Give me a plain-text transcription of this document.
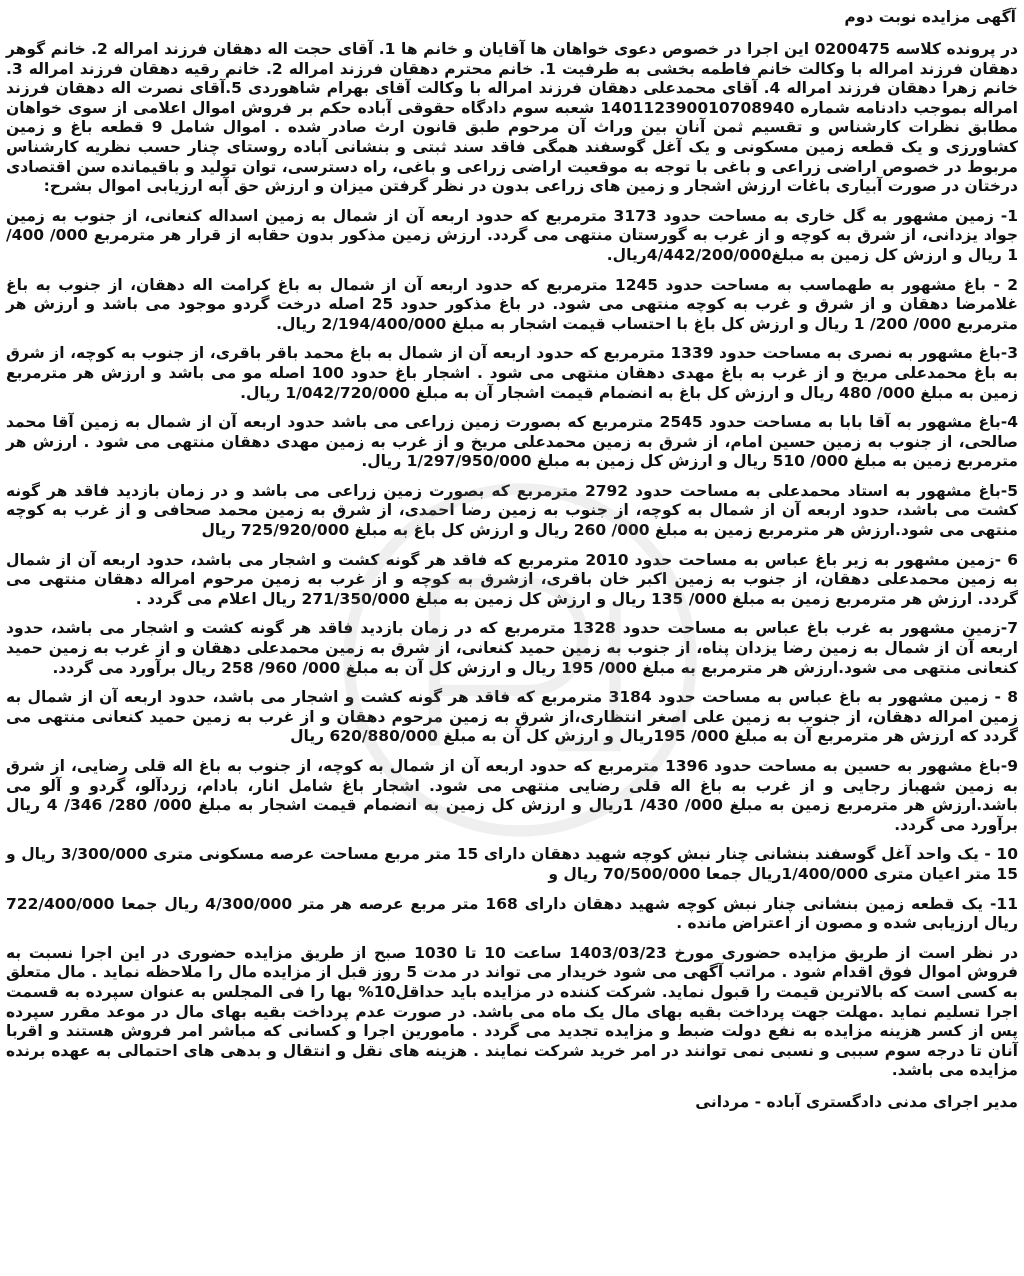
آگهی مزایده نوبت دوم
در پرونده کلاسه 0200475 این اجرا در خصوص دعوی خواهان ها آقایان و خانم ها 1. آقای حجت اله دهقان فرزند امراله 2. خانم گوهر دهقان فرزند امراله با وکالت خانم فاطمه بخشی به طرفیت 1. خانم محترم دهقان فرزند امراله 2. خانم رقیه دهقان فرزند امراله 3. خانم زهرا دهقان فرزند امراله 4. آقای محمدعلی دهقان فرزند امراله با وکالت آقای بهرام شاهوردی 5.آقای نصرت اله دهقان فرزند امراله بموجب دادنامه شماره 140112390010708940 شعبه سوم دادگاه حقوقی آباده حکم بر فروش اموال اعلامی از سوی خواهان مطابق نظرات کارشناس و تقسیم ثمن آنان بین وراث آن مرحوم طبق قانون ارث صادر شده . اموال شامل 9 قطعه باغ و زمین کشاورزی و یک قطعه زمین مسکونی و یک آغل گوسفند همگی فاقد سند ثبتی و بنشانی آباده روستای چنار حسب نظریه کارشناس مربوط در خصوص اراضی زراعی و باغی با توجه به موقعیت اراضی زراعی و باغی، راه دسترسی، توان تولید و باقیمانده سن اقتصادی درختان در صورت آبیاری باغات ارزش اشجار و زمین های زراعی بدون در نظر گرفتن میزان و ارزش حق آبه ارزیابی اموال بشرح:
1- زمین مشهور به گل خاری به مساحت حدود 3173 مترمربع که حدود اربعه آن از شمال به زمین اسداله کنعانی، از جنوب به زمین جواد یزدانی، از شرق به کوچه و از غرب به گورستان منتهی می گردد. ارزش زمین مذکور بدون حقابه از قرار هر مترمربع 000/ 400/ 1 ریال و ارزش کل زمین به مبلغ4/442/200/000ریال.
2 - باغ مشهور به طهماسب به مساحت حدود 1245 مترمربع که حدود اربعه آن از شمال به باغ کرامت اله دهقان، از جنوب به باغ غلامرضا دهقان و از شرق و غرب به کوچه منتهی می شود. در باغ مذکور حدود 25 اصله درخت گردو موجود می باشد و ارزش هر مترمربع 000/ 200/ 1 ریال و ارزش کل باغ با احتساب قیمت اشجار به مبلغ 2/194/400/000 ریال.
3-باغ مشهور به نصری به مساحت حدود 1339 مترمربع که حدود اربعه آن از شمال به باغ محمد باقر باقری، از جنوب به کوچه، از شرق به باغ محمدعلی مریخ و از غرب به باغ مهدی دهقان منتهی می شود . اشجار باغ حدود 100 اصله مو می باشد و ارزش هر مترمربع زمین به مبلغ 000/ 480 ریال و ارزش کل باغ به انضمام قیمت اشجار آن به مبلغ 1/042/720/000 ریال.
4-باغ مشهور به آقا بابا به مساحت حدود 2545 مترمربع که بصورت زمین زراعی می باشد حدود اربعه آن از شمال به زمین آقا محمد صالحی، از جنوب به زمین حسین امام، از شرق به زمین محمدعلی مریخ و از غرب به زمین مهدی دهقان منتهی می شود . ارزش هر مترمربع زمین به مبلغ 000/ 510 ریال و ارزش کل زمین به مبلغ 1/297/950/000 ریال.
5-باغ مشهور به استاد محمدعلی به مساحت حدود 2792 مترمربع که بصورت زمین زراعی می باشد و در زمان بازدید فاقد هر گونه کشت می باشد، حدود اربعه آن از شمال به کوچه، از جنوب به زمین رضا احمدی، از شرق به زمین محمد صحافی و از غرب به کوچه منتهی می شود.ارزش هر مترمربع زمین به مبلغ 000/ 260 ریال و ارزش کل باغ به مبلغ 725/920/000 ریال
6 -زمین مشهور به زیر باغ عباس به مساحت حدود 2010 مترمربع که فاقد هر گونه کشت و اشجار می باشد، حدود اربعه آن از شمال به زمین محمدعلی دهقان، از جنوب به زمین اکبر خان باقری، ازشرق به کوچه و از غرب به زمین مرحوم امراله دهقان منتهی می گردد. ارزش هر مترمربع زمین به مبلغ 000/ 135 ریال و ارزش کل زمین به مبلغ 271/350/000 ریال اعلام می گردد .
7-زمین مشهور به غرب باغ عباس به مساحت حدود 1328 مترمربع که در زمان بازدید فاقد هر گونه کشت و اشجار می باشد، حدود اربعه آن از شمال به زمین رضا یزدان پناه، از جنوب به زمین حمید کنعانی، از شرق به زمین محمدعلی دهقان و از غرب به زمین حمید کنعانی منتهی می شود.ارزش هر مترمربع به مبلغ 000/ 195 ریال و ارزش کل آن به مبلغ 000/ 960/ 258 ریال برآورد می گردد.
8 - زمین مشهور به باغ عباس به مساحت حدود 3184 مترمربع که فاقد هر گونه کشت و اشجار می باشد، حدود اربعه آن از شمال به زمین امراله دهقان، از جنوب به زمین علی اصغر انتظاری،از شرق به زمین مرحوم دهقان و از غرب به زمین حمید کنعانی منتهی می گردد که ارزش هر مترمربع آن به مبلغ 000/ 195ریال و ارزش کل آن به مبلغ 620/880/000 ریال
9-باغ مشهور به حسین به مساحت حدود 1396 مترمربع که حدود اربعه آن از شمال به کوچه، از جنوب به باغ اله قلی رضایی، از شرق به زمین شهباز رجایی و از غرب به باغ اله قلی رضایی منتهی می شود. اشجار باغ شامل انار، بادام، زردآلو، گردو و آلو می باشد.ارزش هر مترمربع زمین به مبلغ 000/ 430/ 1ریال و ارزش کل زمین به انضمام قیمت اشجار به مبلغ 000/ 280/ 346/ 4 ریال برآورد می گردد.
10 - یک واحد آغل گوسفند بنشانی چنار نبش کوچه شهید دهقان دارای 15 متر مربع مساحت عرصه مسکونی متری 3/300/000 ریال و 15 متر اعیان متری 1/400/000ریال جمعا 70/500/000 ریال و
11- یک قطعه زمین بنشانی چنار نبش کوچه شهید دهقان دارای 168 متر مربع عرصه هر متر 4/300/000 ریال جمعا 722/400/000 ریال ارزیابی شده و مصون از اعتراض مانده .
در نظر است از طریق مزایده حضوری مورخ 1403/03/23 ساعت 10 تا 1030 صبح از طریق مزایده حضوری در این اجرا نسبت به فروش اموال فوق اقدام شود . مراتب آگهی می شود خریدار می تواند در مدت 5 روز قبل از مزایده مال را ملاحظه نماید . مال متعلق به کسی است که بالاترین قیمت را قبول نماید. شرکت کننده در مزایده باید حداقل10% بها را فی المجلس به عنوان سپرده به قسمت اجرا تسلیم نماید .مهلت جهت پرداخت بقیه بهای مال یک ماه می باشد. در صورت عدم پرداخت بقیه بهای مال در موعد مقرر سپرده پس از کسر هزینه مزایده به نفع دولت ضبط و مزایده تجدید می گردد . مامورین اجرا و کسانی که مباشر امر فروش هستند و اقربا آنان تا درجه سوم سببی و نسبی نمی توانند در امر خرید شرکت نمایند . هزینه های نقل و انتقال و بدهی های احتمالی به عهده برنده مزایده می باشد.
مدیر اجرای مدنی دادگستری آباده - مردانی
